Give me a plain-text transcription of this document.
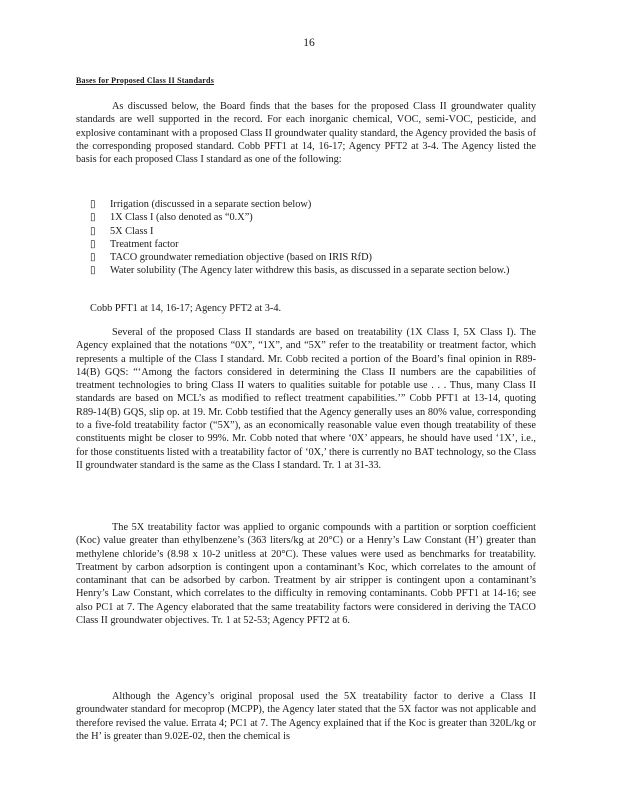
16
Bases for Proposed Class II Standards
As discussed below, the Board finds that the bases for the proposed Class II groundwater quality standards are well supported in the record. For each inorganic chemical, VOC, semi-VOC, pesticide, and explosive contaminant with a proposed Class II groundwater quality standard, the Agency provided the basis of the corresponding proposed standard. Cobb PFT1 at 14, 16-17; Agency PFT2 at 3-4. The Agency listed the basis for each proposed Class I standard as one of the following:
▯	Irrigation (discussed in a separate section below)
▯	1X Class I (also denoted as “0.X”)
▯	5X Class I
▯	Treatment factor
▯	TACO groundwater remediation objective (based on IRIS RfD)
▯	Water solubility (The Agency later withdrew this basis, as discussed in a separate section below.)
Cobb PFT1 at 14, 16-17; Agency PFT2 at 3-4.
Several of the proposed Class II standards are based on treatability (1X Class I, 5X Class I). The Agency explained that the notations “0X”, “1X”, and “5X” refer to the treatability or treatment factor, which represents a multiple of the Class I standard. Mr. Cobb recited a portion of the Board’s final opinion in R89-14(B) GQS: “‘Among the factors considered in determining the Class II numbers are the capabilities of treatment technologies to bring Class II waters to qualities suitable for potable use . . . Thus, many Class II standards are based on MCL’s as modified to reflect treatment capabilities.’” Cobb PFT1 at 13-14, quoting R89-14(B) GQS, slip op. at 19. Mr. Cobb testified that the Agency generally uses an 80% value, corresponding to a five-fold treatability factor (“5X”), as an economically reasonable value even though treatability of these constituents might be closer to 99%. Mr. Cobb noted that where ‘0X’ appears, he should have used ‘1X’, i.e., for those constituents listed with a treatability factor of ‘0X,’ there is currently no BAT technology, so the Class II groundwater standard is the same as the Class I standard. Tr. 1 at 31-33.
The 5X treatability factor was applied to organic compounds with a partition or sorption coefficient (Koc) value greater than ethylbenzene’s (363 liters/kg at 20°C) or a Henry’s Law Constant (H’) greater than methylene chloride’s (8.98 x 10-2 unitless at 20°C). These values were used as benchmarks for treatability. Treatment by carbon adsorption is contingent upon a contaminant’s Koc, which correlates to the amount of contaminant that can be adsorbed by carbon. Treatment by air stripper is contingent upon a contaminant’s Henry’s Law Constant, which correlates to the difficulty in removing contaminants. Cobb PFT1 at 14-16; see also PC1 at 7. The Agency elaborated that the same treatability factors were considered in deriving the TACO Class II groundwater objectives. Tr. 1 at 52-53; Agency PFT2 at 6.
Although the Agency’s original proposal used the 5X treatability factor to derive a Class II groundwater standard for mecoprop (MCPP), the Agency later stated that the 5X factor was not applicable and therefore revised the value. Errata 4; PC1 at 7. The Agency explained that if the Koc is greater than 320L/kg or the H’ is greater than 9.02E-02, then the chemical is
